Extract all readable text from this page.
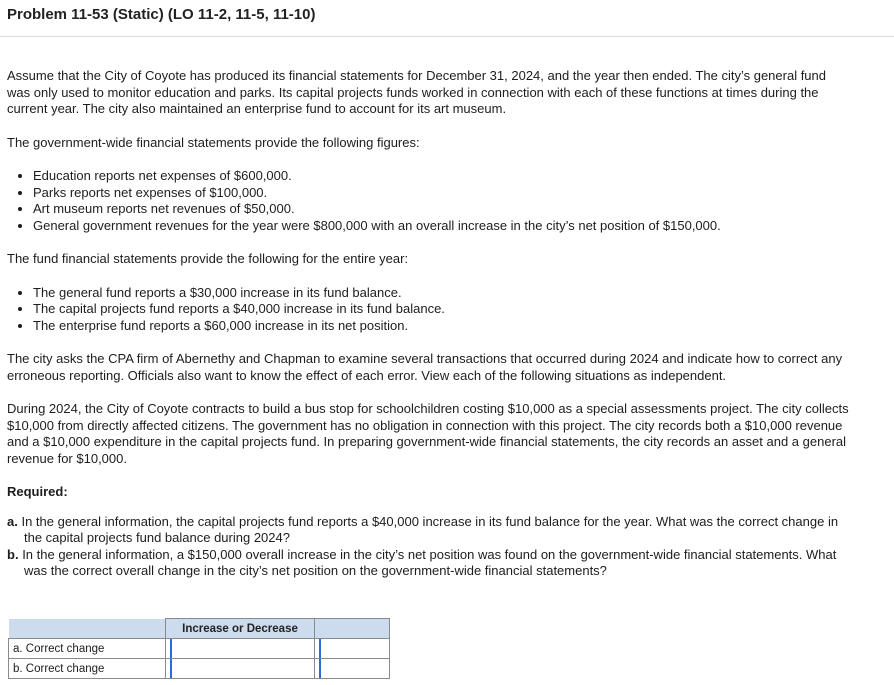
Problem 11-53 (Static) (LO 11-2, 11-5, 11-10)

Assume that the City of Coyote has produced its financial statements for December 31, 2024, and the year then ended. The city’s general fund was only used to monitor education and parks. Its capital projects funds worked in connection with each of these functions at times during the current year. The city also maintained an enterprise fund to account for its art museum.

The government-wide financial statements provide the following figures:

• Education reports net expenses of $600,000.
• Parks reports net expenses of $100,000.
• Art museum reports net revenues of $50,000.
• General government revenues for the year were $800,000 with an overall increase in the city’s net position of $150,000.

The fund financial statements provide the following for the entire year:

• The general fund reports a $30,000 increase in its fund balance.
• The capital projects fund reports a $40,000 increase in its fund balance.
• The enterprise fund reports a $60,000 increase in its net position.

The city asks the CPA firm of Abernethy and Chapman to examine several transactions that occurred during 2024 and indicate how to correct any erroneous reporting. Officials also want to know the effect of each error. View each of the following situations as independent.

During 2024, the City of Coyote contracts to build a bus stop for schoolchildren costing $10,000 as a special assessments project. The city collects $10,000 from directly affected citizens. The government has no obligation in connection with this project. The city records both a $10,000 revenue and a $10,000 expenditure in the capital projects fund. In preparing government-wide financial statements, the city records an asset and a general revenue for $10,000.

Required:

a. In the general information, the capital projects fund reports a $40,000 increase in its fund balance for the year. What was the correct change in the capital projects fund balance during 2024?
b. In the general information, a $150,000 overall increase in the city’s net position was found on the government-wide financial statements. What was the correct overall change in the city’s net position on the government-wide financial statements?
	Increase or Decrease	
a. Correct change		
b. Correct change		
